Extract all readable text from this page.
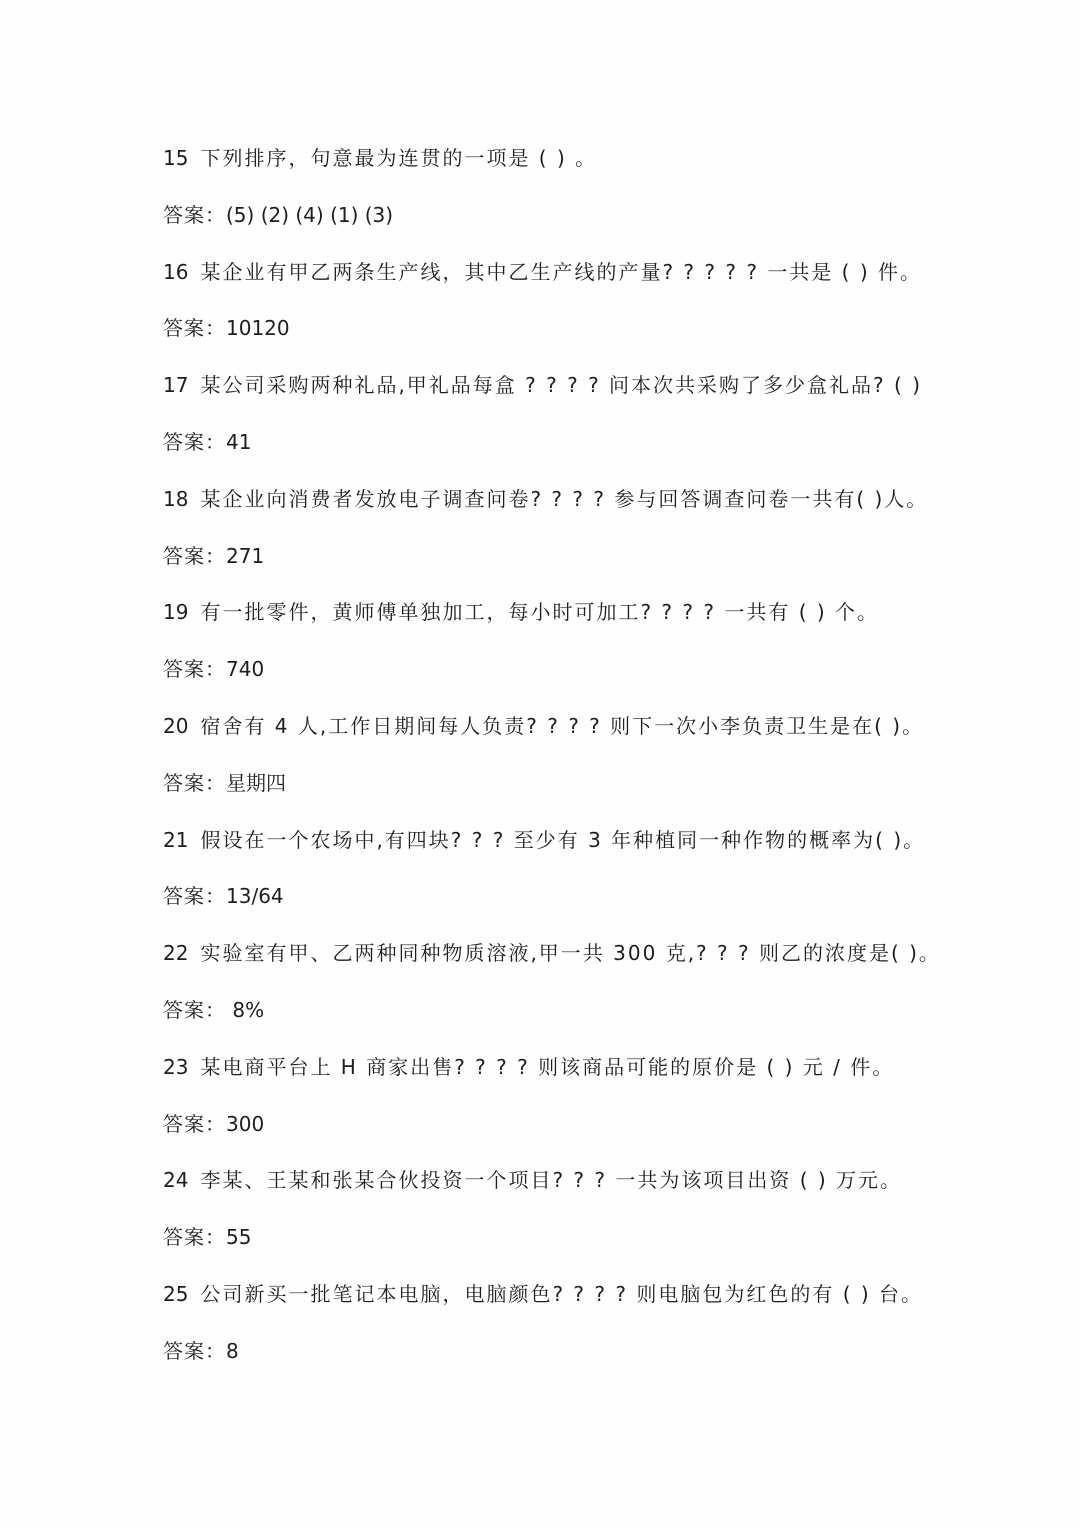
15 下列排序，句意最为连贯的一项是 ( ) 。
答案：(5) (2) (4) (1) (3)
16 某企业有甲乙两条生产线，其中乙生产线的产量? ? ? ? ? 一共是 ( ) 件。
答案：10120
17 某公司采购两种礼品,甲礼品每盒 ? ? ? ? 问本次共采购了多少盒礼品? ( )
答案：41
18 某企业向消费者发放电子调查问卷? ? ? ? 参与回答调查问卷一共有( )人。
答案：271
19 有一批零件，黄师傅单独加工，每小时可加工? ? ? ? 一共有 ( ) 个。
答案：740
20 宿舍有 4 人,工作日期间每人负责? ? ? ? 则下一次小李负责卫生是在( )。
答案：星期四
21 假设在一个农场中,有四块? ? ? 至少有 3 年种植同一种作物的概率为( )。
答案：13/64
22 实验室有甲、乙两种同种物质溶液,甲一共 300 克,? ? ? 则乙的浓度是( )。
答案： 8%
23 某电商平台上 H 商家出售? ? ? ? 则该商品可能的原价是 ( ) 元 / 件。
答案：300
24 李某、王某和张某合伙投资一个项目? ? ? 一共为该项目出资 ( ) 万元。
答案：55
25 公司新买一批笔记本电脑，电脑颜色? ? ? ? 则电脑包为红色的有 ( ) 台。
答案：8
